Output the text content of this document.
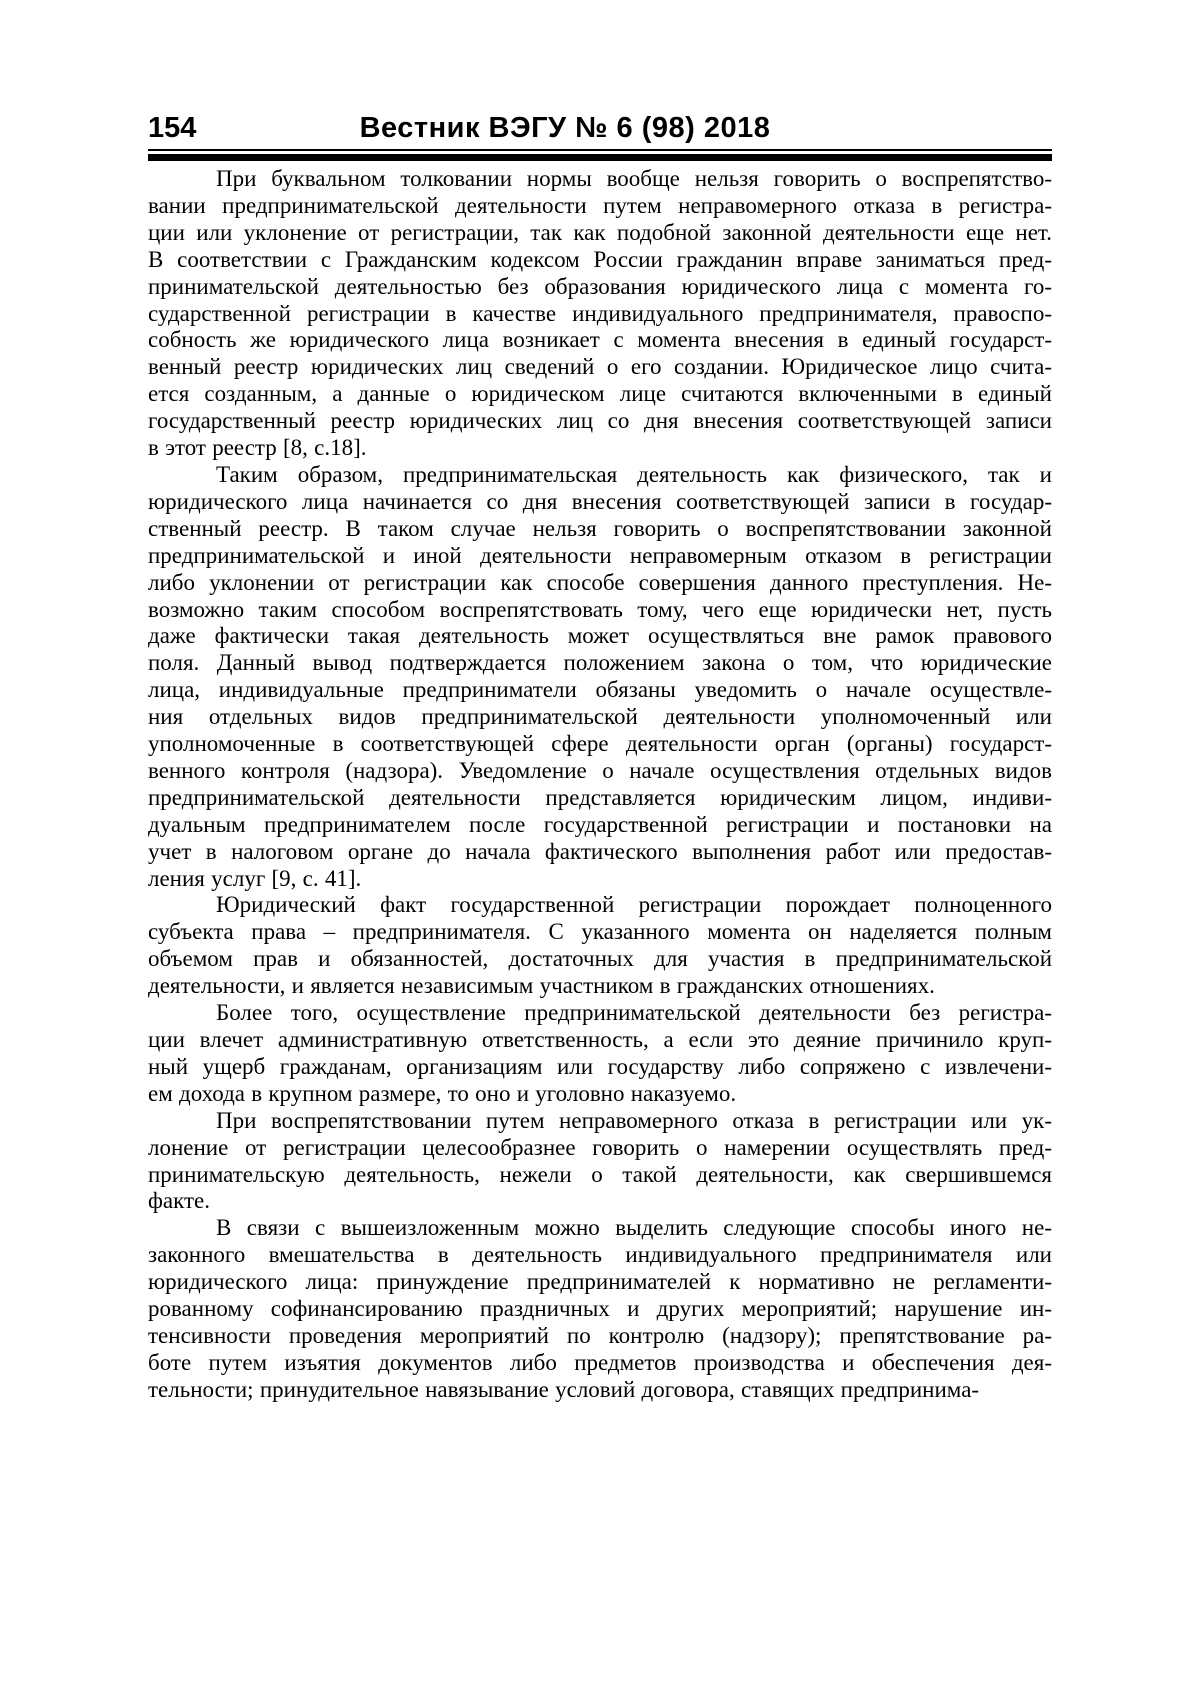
154	Вестник ВЭГУ № 6 (98) 2018
При буквальном толковании нормы вообще нельзя говорить о воспрепятство-
вании предпринимательской деятельности путем неправомерного отказа в регистра-
ции или уклонение от регистрации, так как подобной законной деятельности еще нет.
В соответствии с Гражданским кодексом России гражданин вправе заниматься пред-
принимательской деятельностью без образования юридического лица с момента го-
сударственной регистрации в качестве индивидуального предпринимателя, правоспо-
собность же юридического лица возникает с момента внесения в единый государст-
венный реестр юридических лиц сведений о его создании. Юридическое лицо счита-
ется созданным, а данные о юридическом лице считаются включенными в единый
государственный реестр юридических лиц со дня внесения соответствующей записи
в этот реестр [8, с.18].
Таким образом, предпринимательская деятельность как физического, так и
юридического лица начинается со дня внесения соответствующей записи в государ-
ственный реестр. В таком случае нельзя говорить о воспрепятствовании законной
предпринимательской и иной деятельности неправомерным отказом в регистрации
либо уклонении от регистрации как способе совершения данного преступления. Не-
возможно таким способом воспрепятствовать тому, чего еще юридически нет, пусть
даже фактически такая деятельность может осуществляться вне рамок правового
поля. Данный вывод подтверждается положением закона о том, что юридические
лица, индивидуальные предприниматели обязаны уведомить о начале осуществле-
ния отдельных видов предпринимательской деятельности уполномоченный или
уполномоченные в соответствующей сфере деятельности орган (органы) государст-
венного контроля (надзора). Уведомление о начале осуществления отдельных видов
предпринимательской деятельности представляется юридическим лицом, индиви-
дуальным предпринимателем после государственной регистрации и постановки на
учет в налоговом органе до начала фактического выполнения работ или предостав-
ления услуг [9, с. 41].
Юридический факт государственной регистрации порождает полноценного
субъекта права – предпринимателя. С указанного момента он наделяется полным
объемом прав и обязанностей, достаточных для участия в предпринимательской
деятельности, и является независимым участником в гражданских отношениях.
Более того, осуществление предпринимательской деятельности без регистра-
ции влечет административную ответственность, а если это деяние причинило круп-
ный ущерб гражданам, организациям или государству либо сопряжено с извлечени-
ем дохода в крупном размере, то оно и уголовно наказуемо.
При воспрепятствовании путем неправомерного отказа в регистрации или ук-
лонение от регистрации целесообразнее говорить о намерении осуществлять пред-
принимательскую деятельность, нежели о такой деятельности, как свершившемся
факте.
В связи с вышеизложенным можно выделить следующие способы иного не-
законного вмешательства в деятельность индивидуального предпринимателя или
юридического лица: принуждение предпринимателей к нормативно не регламенти-
рованному софинансированию праздничных и других мероприятий; нарушение ин-
тенсивности проведения мероприятий по контролю (надзору); препятствование ра-
боте путем изъятия документов либо предметов производства и обеспечения дея-
тельности; принудительное навязывание условий договора, ставящих предпринима-
